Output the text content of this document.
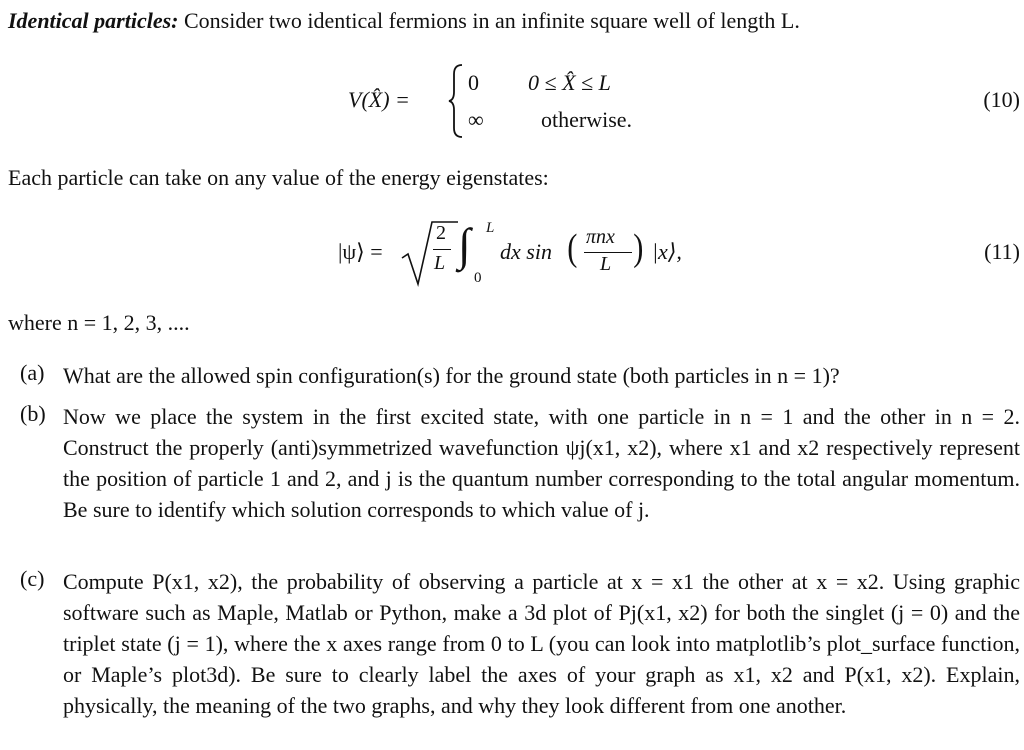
Identical particles: Consider two identical fermions in an infinite square well of length L.
V(X̂) =
0 0 ≤ X̂ ≤ L
∞	otherwise.
(10)
Each particle can take on any value of the energy eigenstates:
|ψ⟩ =
2
L ∫ L
0
dx sin ( πnx
L ) |x⟩,	(11)
where n = 1, 2, 3, ....
(a) What are the allowed spin configuration(s) for the ground state (both particles in n = 1)?
(b) Now we place the system in the first excited state, with one particle in n = 1 and the other in n = 2. Construct the properly (anti)symmetrized wavefunction ψj(x1, x2), where x1 and x2 respectively represent the position of particle 1 and 2, and j is the quantum number corresponding to the total angular momentum. Be sure to identify which solution corresponds to which value of j.
(c) Compute P(x1, x2), the probability of observing a particle at x = x1 the other at x = x2. Using graphic software such as Maple, Matlab or Python, make a 3d plot of Pj(x1, x2) for both the singlet (j = 0) and the triplet state (j = 1), where the x axes range from 0 to L (you can look into matplotlib’s plot_surface function, or Maple’s plot3d). Be sure to clearly label the axes of your graph as x1, x2 and P(x1, x2). Explain, physically, the meaning of the two graphs, and why they look different from one another.
